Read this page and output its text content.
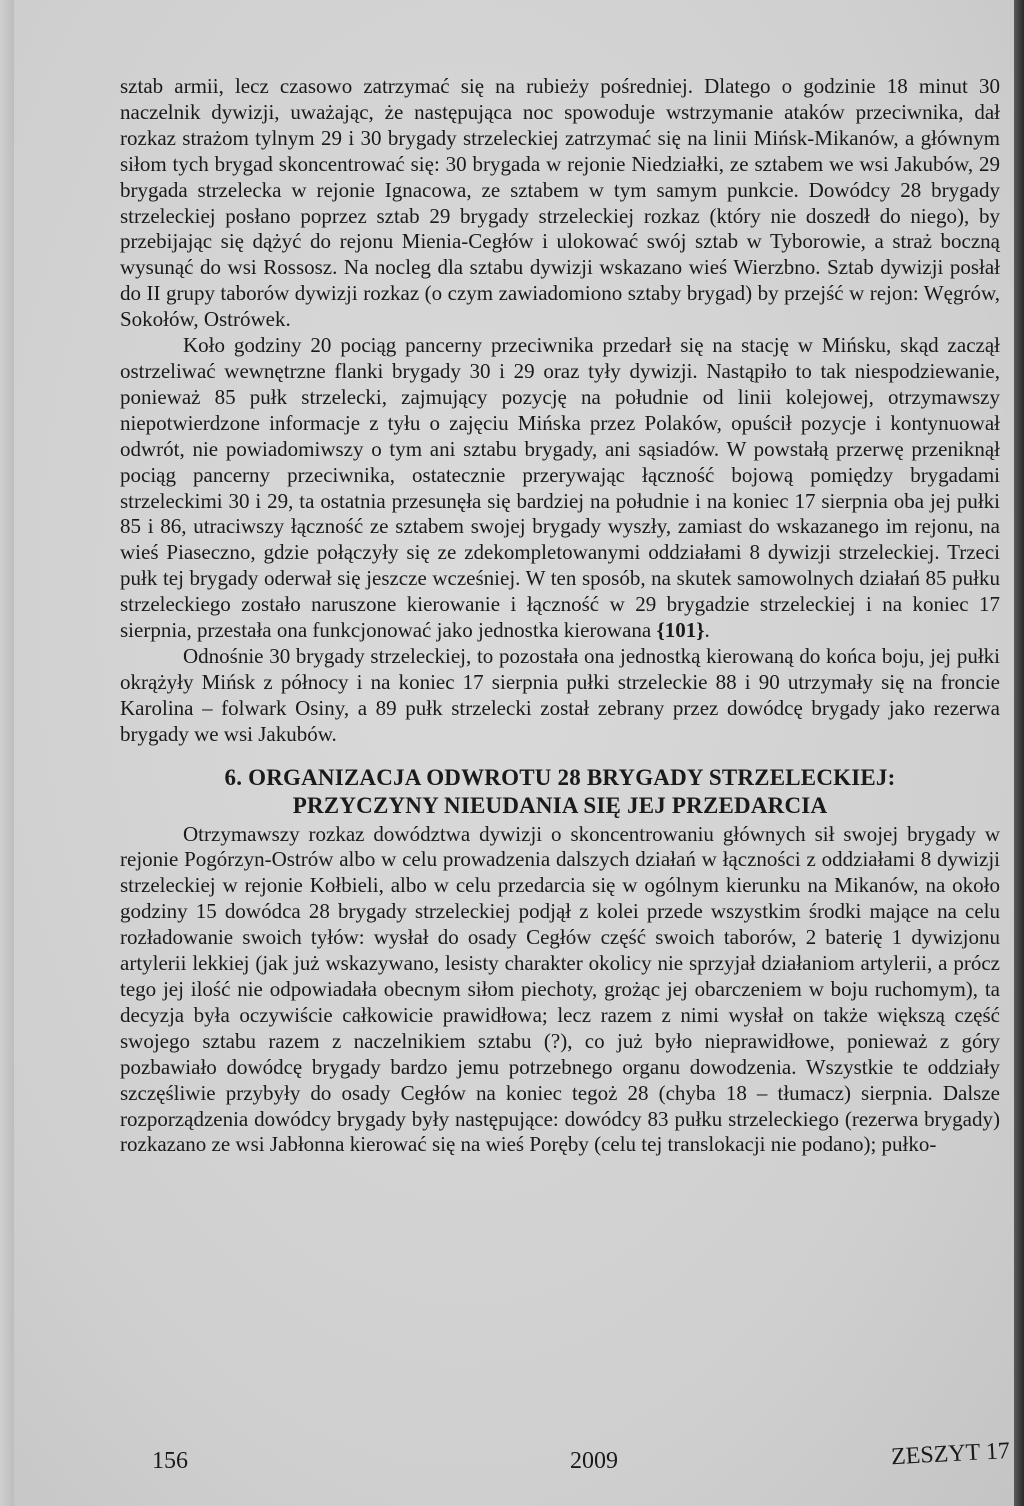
sztab armii, lecz czasowo zatrzymać się na rubieży pośredniej. Dlatego o godzinie 18 minut 30 naczelnik dywizji, uważając, że następująca noc spowoduje wstrzymanie ataków przeciwnika, dał rozkaz strażom tylnym 29 i 30 brygady strzeleckiej zatrzymać się na linii Mińsk-Mikanów, a głównym siłom tych brygad skoncentrować się: 30 brygada w rejonie Niedziałki, ze sztabem we wsi Jakubów, 29 brygada strzelecka w rejonie Ignacowa, ze sztabem w tym samym punkcie. Dowódcy 28 brygady strzeleckiej posłano poprzez sztab 29 brygady strzeleckiej rozkaz (który nie doszedł do niego), by przebijając się dążyć do rejonu Mienia-Cegłów i ulokować swój sztab w Tyborowie, a straż boczną wysunąć do wsi Rossosz. Na nocleg dla sztabu dywizji wskazano wieś Wierzbno. Sztab dywizji posłał do II grupy taborów dywizji rozkaz (o czym zawiadomiono sztaby brygad) by przejść w rejon: Węgrów, Sokołów, Ostrówek.

Koło godziny 20 pociąg pancerny przeciwnika przedarł się na stację w Mińsku, skąd zaczął ostrzeliwać wewnętrzne flanki brygady 30 i 29 oraz tyły dywizji. Nastąpiło to tak niespodziewanie, ponieważ 85 pułk strzelecki, zajmujący pozycję na południe od linii kolejowej, otrzymawszy niepotwierdzone informacje z tyłu o zajęciu Mińska przez Polaków, opuścił pozycje i kontynuował odwrót, nie powiadomiwszy o tym ani sztabu brygady, ani sąsiadów. W powstałą przerwę przeniknął pociąg pancerny przeciwnika, ostatecznie przerywając łączność bojową pomiędzy brygadami strzeleckimi 30 i 29, ta ostatnia przesunęła się bardziej na południe i na koniec 17 sierpnia oba jej pułki 85 i 86, utraciwszy łączność ze sztabem swojej brygady wyszły, zamiast do wskazanego im rejonu, na wieś Piaseczno, gdzie połączyły się ze zdekompletowanymi oddziałami 8 dywizji strzeleckiej. Trzeci pułk tej brygady oderwał się jeszcze wcześniej. W ten sposób, na skutek samowolnych działań 85 pułku strzeleckiego zostało naruszone kierowanie i łączność w 29 brygadzie strzeleckiej i na koniec 17 sierpnia, przestała ona funkcjonować jako jednostka kierowana {101}.

Odnośnie 30 brygady strzeleckiej, to pozostała ona jednostką kierowaną do końca boju, jej pułki okrążyły Mińsk z północy i na koniec 17 sierpnia pułki strzeleckie 88 i 90 utrzymały się na froncie Karolina – folwark Osiny, a 89 pułk strzelecki został zebrany przez dowódcę brygady jako rezerwa brygady we wsi Jakubów.

6. ORGANIZACJA ODWROTU 28 BRYGADY STRZELECKIEJ:
PRZYCZYNY NIEUDANIA SIĘ JEJ PRZEDARCIA

Otrzymawszy rozkaz dowództwa dywizji o skoncentrowaniu głównych sił swojej brygady w rejonie Pogórzyn-Ostrów albo w celu prowadzenia dalszych działań w łączności z oddziałami 8 dywizji strzeleckiej w rejonie Kołbieli, albo w celu przedarcia się w ogólnym kierunku na Mikanów, na około godziny 15 dowódca 28 brygady strzeleckiej podjął z kolei przede wszystkim środki mające na celu rozładowanie swoich tyłów: wysłał do osady Cegłów część swoich taborów, 2 baterię 1 dywizjonu artylerii lekkiej (jak już wskazywano, lesisty charakter okolicy nie sprzyjał działaniom artylerii, a prócz tego jej ilość nie odpowiadała obecnym siłom piechoty, grożąc jej obarczeniem w boju ruchomym), ta decyzja była oczywiście całkowicie prawidłowa; lecz razem z nimi wysłał on także większą część swojego sztabu razem z naczelnikiem sztabu (?), co już było nieprawidłowe, ponieważ z góry pozbawiało dowódcę brygady bardzo jemu potrzebnego organu dowodzenia. Wszystkie te oddziały szczęśliwie przybyły do osady Cegłów na koniec tegoż 28 (chyba 18 – tłumacz) sierpnia. Dalsze rozporządzenia dowódcy brygady były następujące: dowódcy 83 pułku strzeleckiego (rezerwa brygady) rozkazano ze wsi Jabłonna kierować się na wieś Poręby (celu tej translokacji nie podano); pułko-

156	2009	ZESZYT 17
